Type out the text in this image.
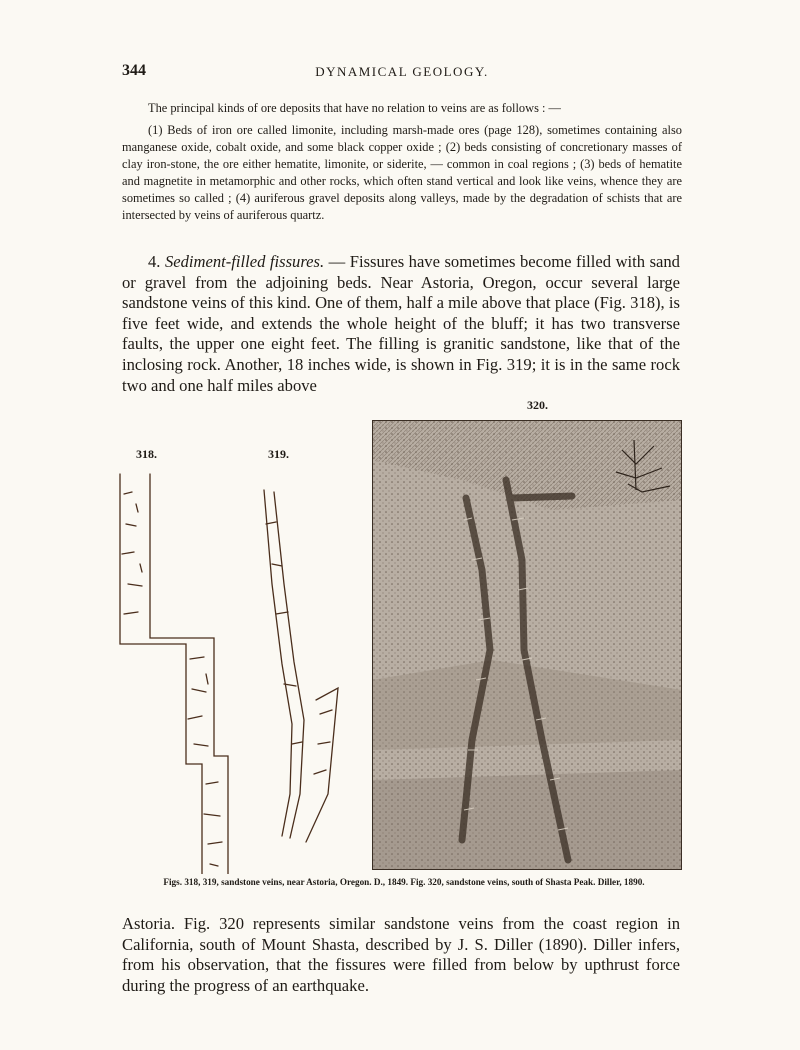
344	DYNAMICAL GEOLOGY.

The principal kinds of ore deposits that have no relation to veins are as follows : —

(1) Beds of iron ore called limonite, including marsh-made ores (page 128), sometimes containing also manganese oxide, cobalt oxide, and some black copper oxide ; (2) beds consisting of concretionary masses of clay iron-stone, the ore either hematite, limonite, or siderite, — common in coal regions ; (3) beds of hematite and magnetite in metamorphic and other rocks, which often stand vertical and look like veins, whence they are sometimes so called ; (4) auriferous gravel deposits along valleys, made by the degradation of schists that are intersected by veins of auriferous quartz.

4. Sediment-filled fissures. — Fissures have sometimes become filled with sand or gravel from the adjoining beds. Near Astoria, Oregon, occur several large sandstone veins of this kind. One of them, half a mile above that place (Fig. 318), is five feet wide, and extends the whole height of the bluff; it has two transverse faults, the upper one eight feet. The filling is granitic sandstone, like that of the inclosing rock. Another, 18 inches wide, is shown in Fig. 319; it is in the same rock two and one half miles above

318.	319.
320.
Figs. 318, 319, sandstone veins, near Astoria, Oregon. D., 1849. Fig. 320, sandstone veins, south of Shasta Peak. Diller, 1890.

Astoria. Fig. 320 represents similar sandstone veins from the coast region in California, south of Mount Shasta, described by J. S. Diller (1890). Diller infers, from his observation, that the fissures were filled from below by upthrust force during the progress of an earthquake.
